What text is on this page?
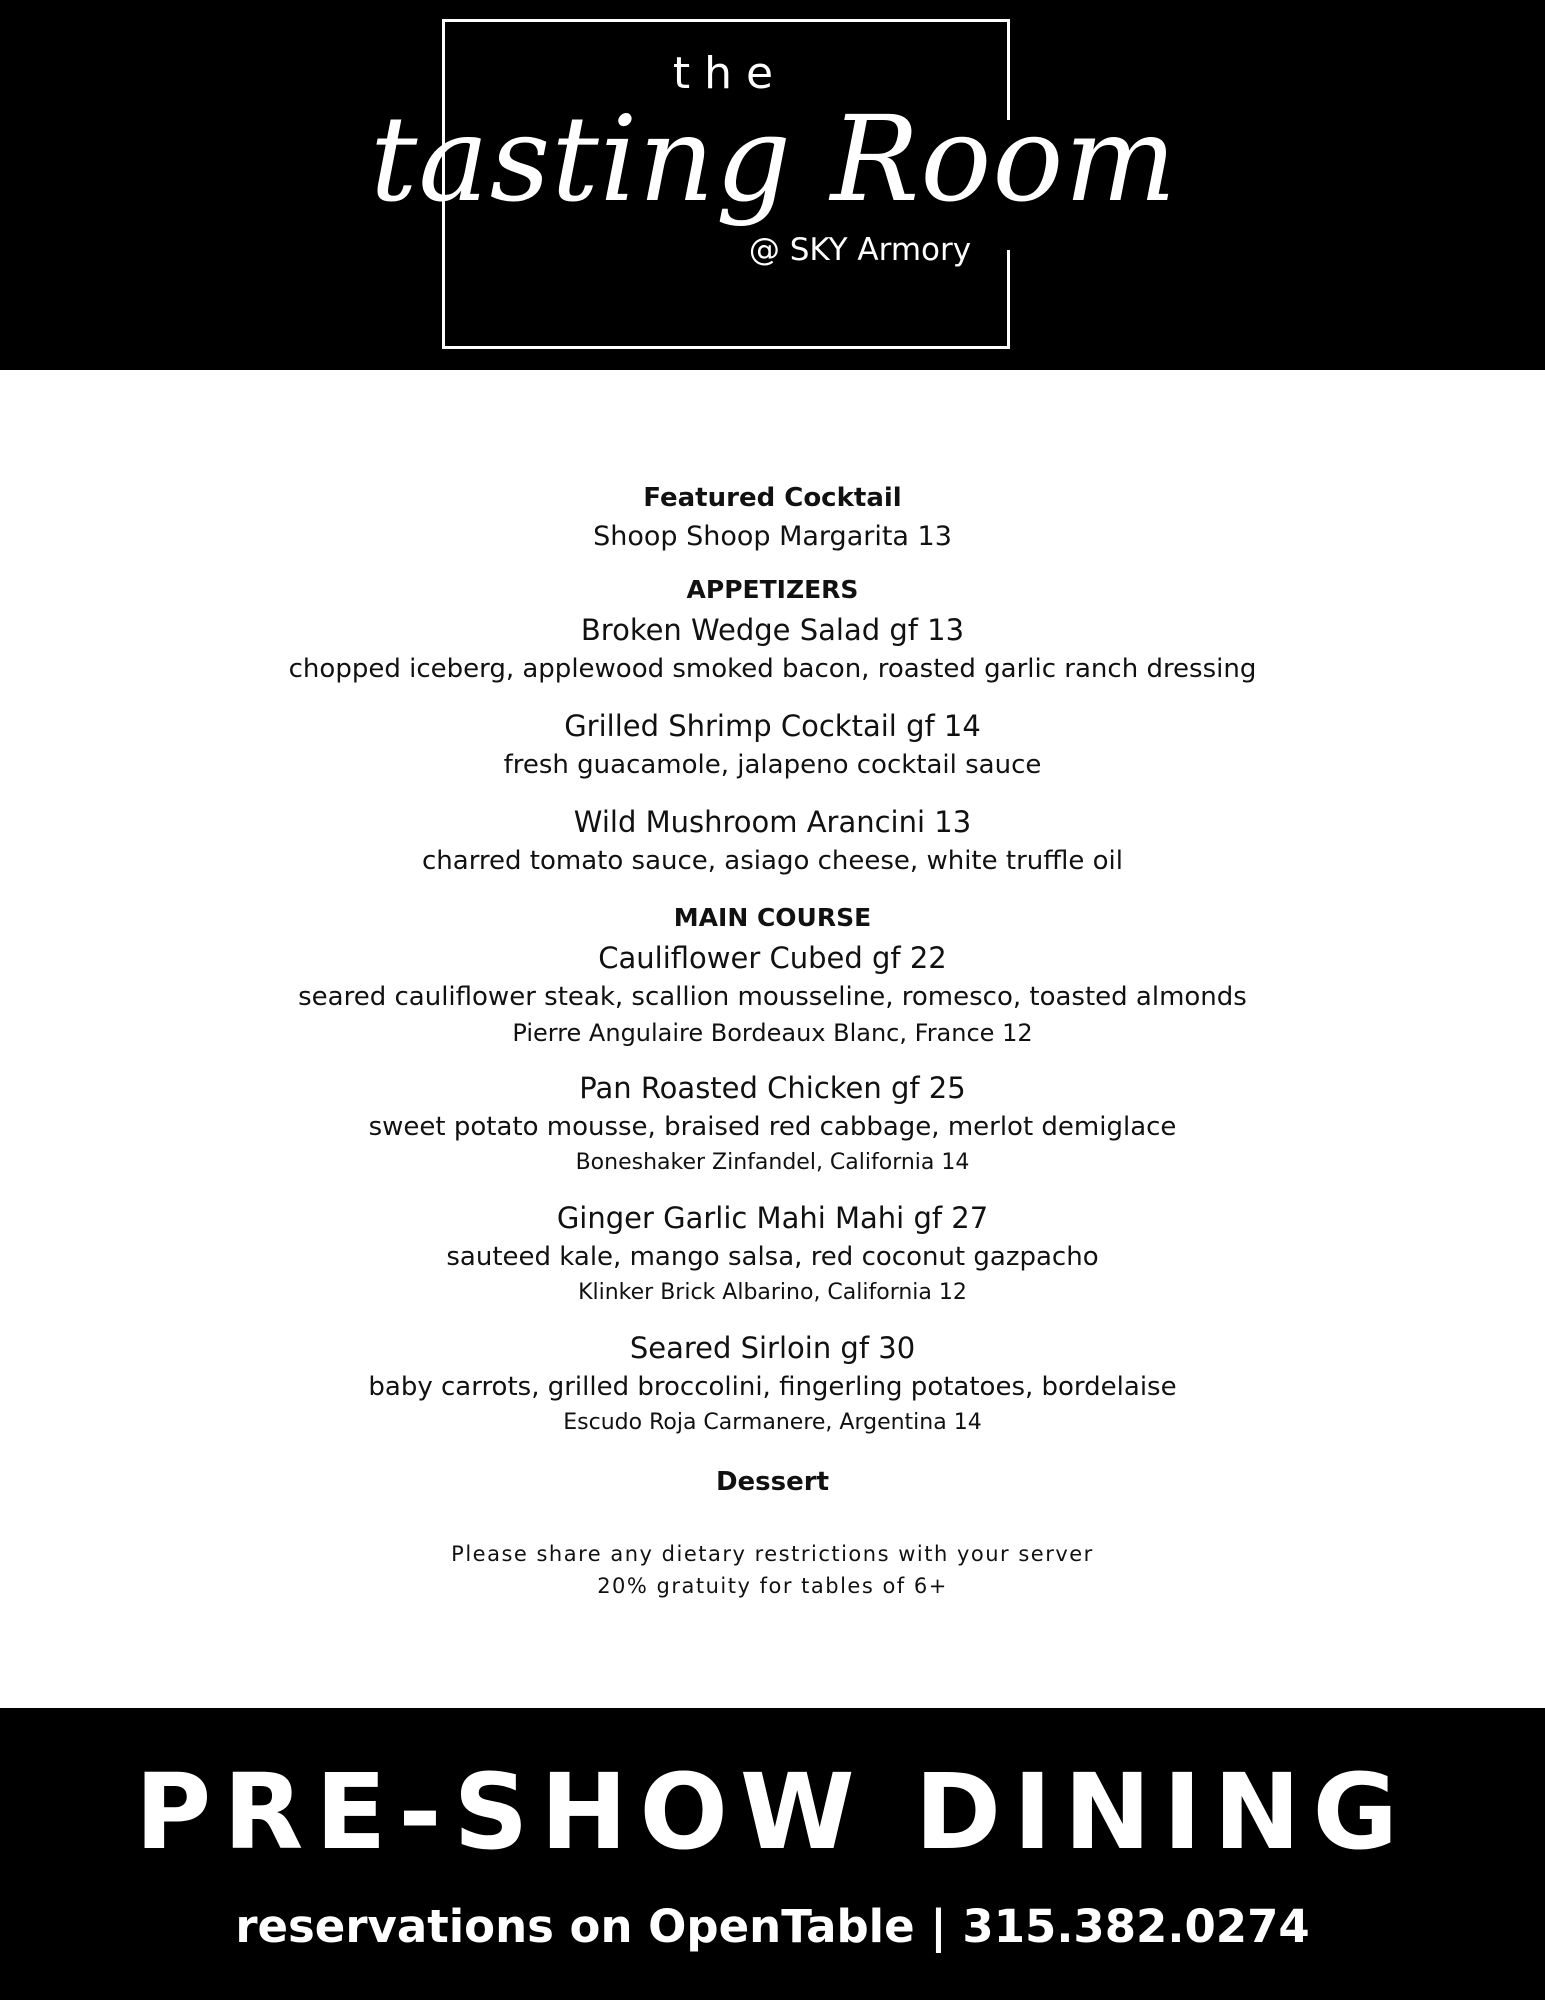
the
tasting Room
@ SKY Armory
Featured Cocktail
Shoop Shoop Margarita 13
APPETIZERS
Broken Wedge Salad gf 13
chopped iceberg, applewood smoked bacon, roasted garlic ranch dressing
Grilled Shrimp Cocktail gf 14
fresh guacamole, jalapeno cocktail sauce
Wild Mushroom Arancini 13
charred tomato sauce, asiago cheese, white truffle oil
MAIN COURSE
Cauliflower Cubed gf 22
seared cauliflower steak, scallion mousseline, romesco, toasted almonds
Pierre Angulaire Bordeaux Blanc, France 12
Pan Roasted Chicken gf 25
sweet potato mousse, braised red cabbage, merlot demiglace
Boneshaker Zinfandel, California 14
Ginger Garlic Mahi Mahi gf 27
sauteed kale, mango salsa, red coconut gazpacho
Klinker Brick Albarino, California 12
Seared Sirloin gf 30
baby carrots, grilled broccolini, fingerling potatoes, bordelaise
Escudo Roja Carmanere, Argentina 14
Dessert
Please share any dietary restrictions with your server
20% gratuity for tables of 6+
PRE-SHOW DINING
reservations on OpenTable | 315.382.0274
